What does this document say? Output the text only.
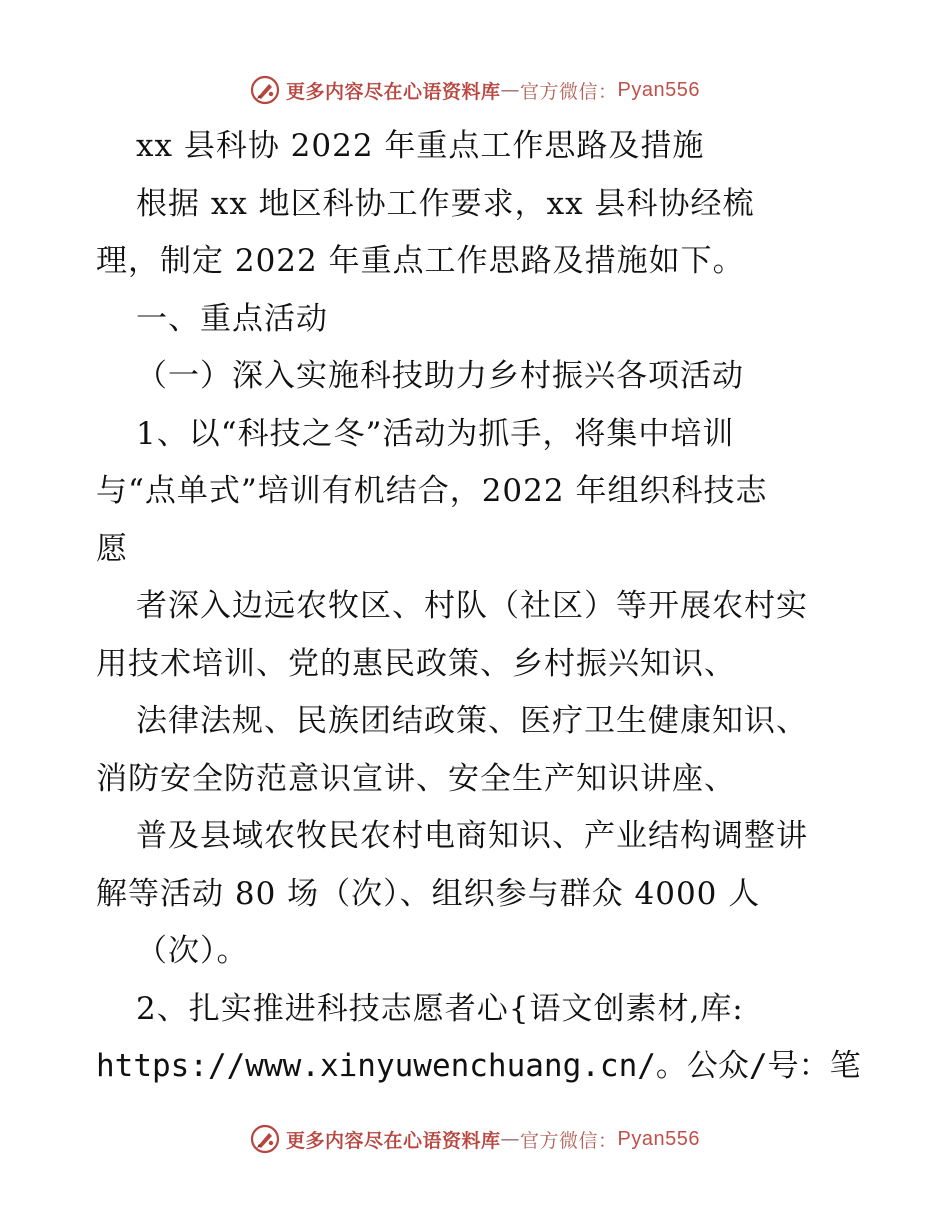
更多内容尽在心语资料库 — 官方微信： Pyan556
xx 县科协 2022 年重点工作思路及措施
根据 xx 地区科协工作要求，xx 县科协经梳
理，制定 2022 年重点工作思路及措施如下。
一、重点活动
（一）深入实施科技助力乡村振兴各项活动
1、以“科技之冬”活动为抓手，将集中培训
与“点单式”培训有机结合，2022 年组织科技志
愿
者深入边远农牧区、村队（社区）等开展农村实
用技术培训、党的惠民政策、乡村振兴知识、
法律法规、民族团结政策、医疗卫生健康知识、
消防安全防范意识宣讲、安全生产知识讲座、
普及县域农牧民农村电商知识、产业结构调整讲
解等活动 80 场（次）、组织参与群众 4000 人
（次）。
2、扎实推进科技志愿者心{语文创素材,库:
https://www.xinyuwenchuang.cn/。公众/号：笔
更多内容尽在心语资料库 — 官方微信： Pyan556
